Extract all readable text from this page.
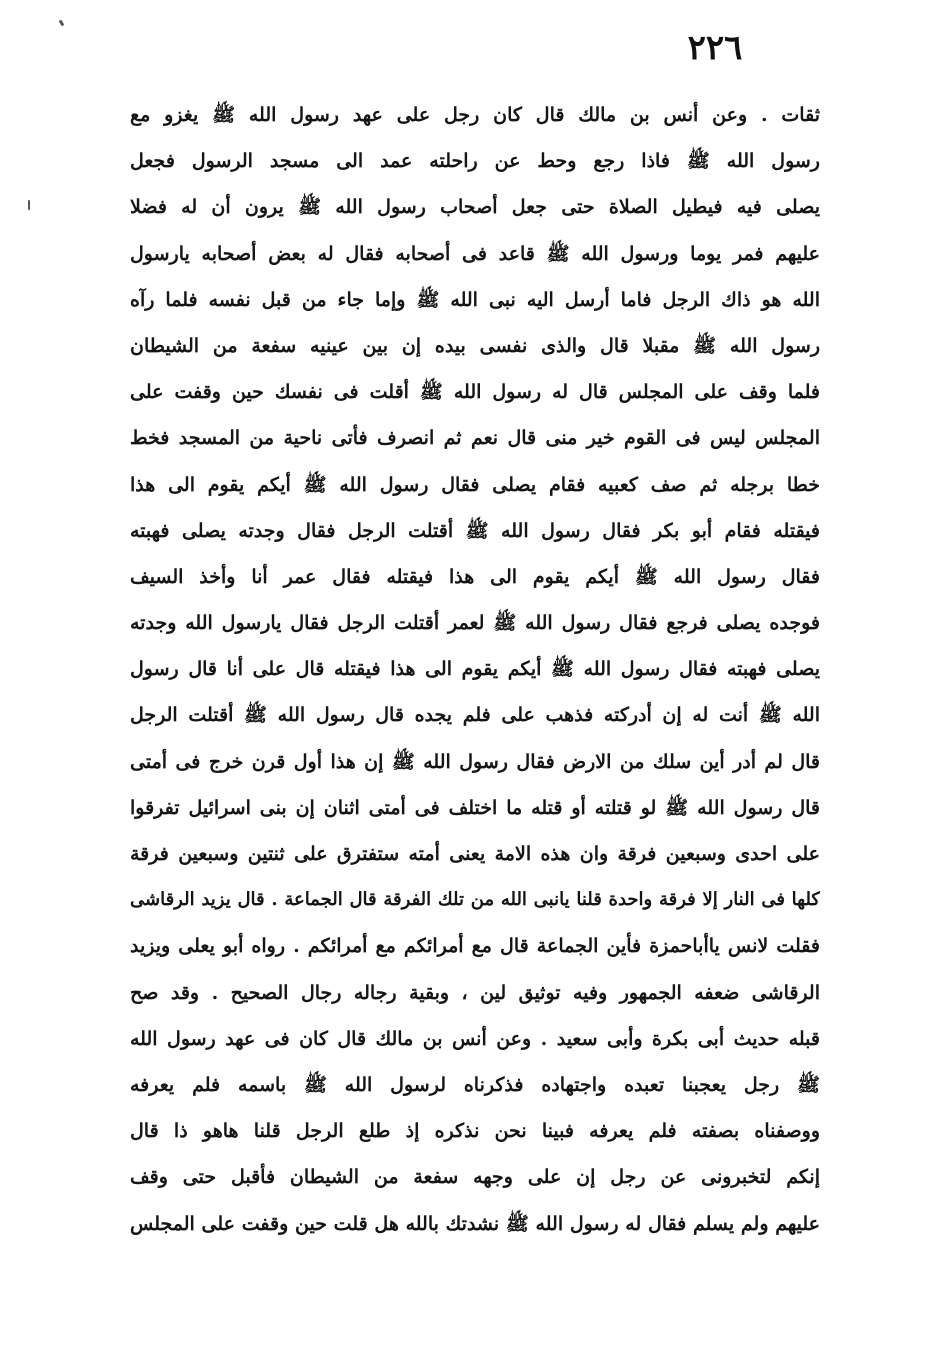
٢٢٦
ثقات . وعن أنس بن مالك قال كان رجل على عهد رسول الله ﷺ يغزو مع
رسول الله ﷺ فاذا رجع وحط عن راحلته عمد الى مسجد الرسول فجعل
يصلى فيه فيطيل الصلاة حتى جعل أصحاب رسول الله ﷺ يرون أن له فضلا
عليهم فمر يوما ورسول الله ﷺ قاعد فى أصحابه فقال له بعض أصحابه يارسول
الله هو ذاك الرجل فاما أرسل اليه نبى الله ﷺ وإما جاء من قبل نفسه فلما رآه
رسول الله ﷺ مقبلا قال والذى نفسى بيده إن بين عينيه سفعة من الشيطان
فلما وقف على المجلس قال له رسول الله ﷺ أقلت فى نفسك حين وقفت على
المجلس ليس فى القوم خير منى قال نعم ثم انصرف فأتى ناحية من المسجد فخط
خطا برجله ثم صف كعبيه فقام يصلى فقال رسول الله ﷺ أيكم يقوم الى هذا
فيقتله فقام أبو بكر فقال رسول الله ﷺ أقتلت الرجل فقال وجدته يصلى فهبته
فقال رسول الله ﷺ أيكم يقوم الى هذا فيقتله فقال عمر أنا وأخذ السيف
فوجده يصلى فرجع فقال رسول الله ﷺ لعمر أقتلت الرجل فقال يارسول الله وجدته
يصلى فهبته فقال رسول الله ﷺ أيكم يقوم الى هذا فيقتله قال على أنا قال رسول
الله ﷺ أنت له إن أدركته فذهب على فلم يجده قال رسول الله ﷺ أقتلت الرجل
قال لم أدر أين سلك من الارض فقال رسول الله ﷺ إن هذا أول قرن خرج فى أمتى
قال رسول الله ﷺ لو قتلته أو قتله ما اختلف فى أمتى اثنان إن بنى اسرائيل تفرقوا
على احدى وسبعين فرقة وان هذه الامة يعنى أمته ستفترق على ثنتين وسبعين فرقة
كلها فى النار إلا فرقة واحدة قلنا يانبى الله من تلك الفرقة قال الجماعة . قال يزيد الرقاشى
فقلت لانس ياأباحمزة فأين الجماعة قال مع أمرائكم مع أمرائكم . رواه أبو يعلى ويزيد
الرقاشى ضعفه الجمهور وفيه توثيق لين ، وبقية رجاله رجال الصحيح . وقد صح
قبله حديث أبى بكرة وأبى سعيد . وعن أنس بن مالك قال كان فى عهد رسول الله
ﷺ رجل يعجبنا تعبده واجتهاده فذكرناه لرسول الله ﷺ باسمه فلم يعرفه
ووصفناه بصفته فلم يعرفه فبينا نحن نذكره إذ طلع الرجل قلنا هاهو ذا قال
إنكم لتخبرونى عن رجل إن على وجهه سفعة من الشيطان فأقبل حتى وقف
عليهم ولم يسلم فقال له رسول الله ﷺ نشدتك بالله هل قلت حين وقفت على المجلس
